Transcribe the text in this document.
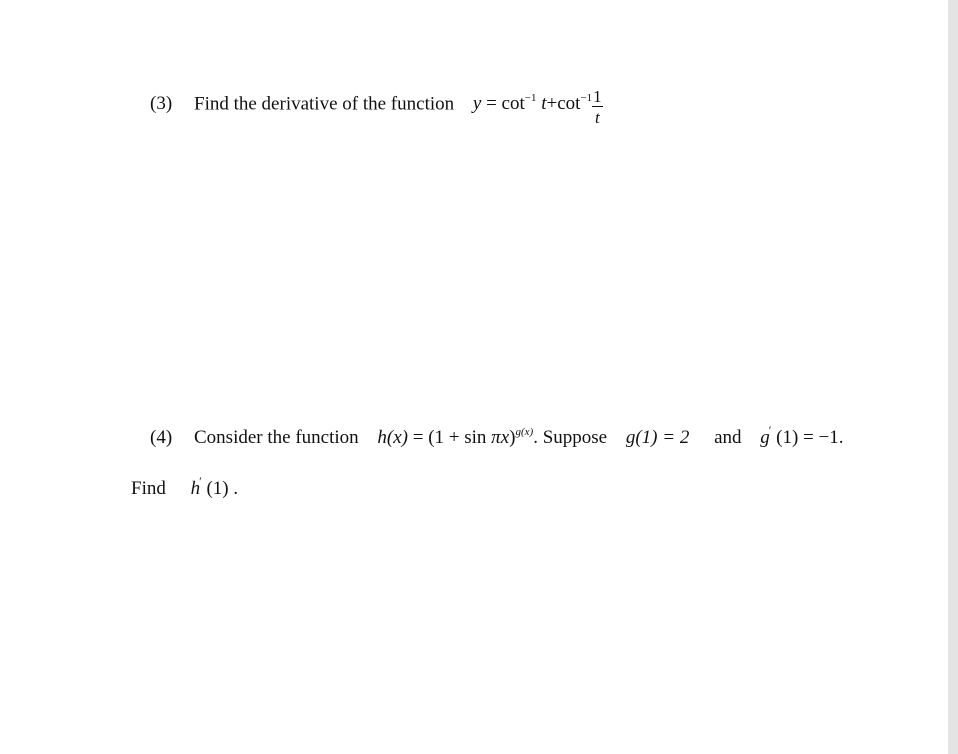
(3) Find the derivative of the function $y = \cot^{-1} t+\cot^{-1} \frac{1}{t}$
(4) Consider the function $h(x) = (1 + \sin \pi x)^{g(x)}$. Suppose g(1) = 2 and g′ (1) = −1.
Find h′ (1) .
